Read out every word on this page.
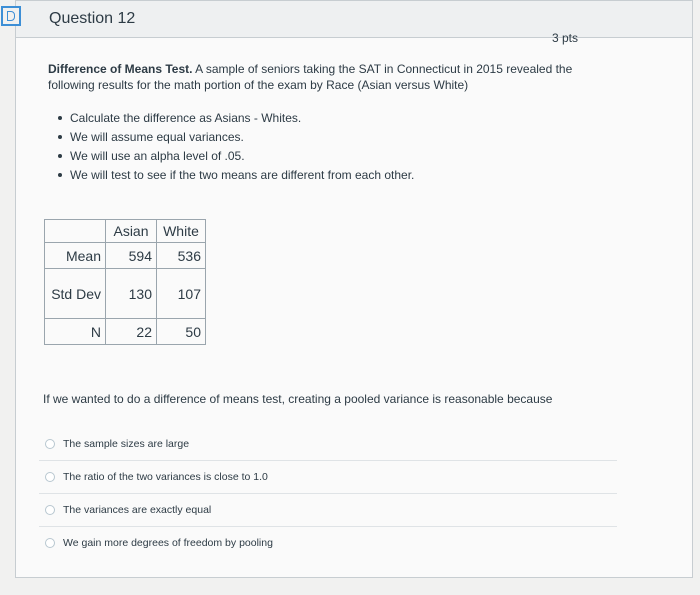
Question 12
3 pts
Difference of Means Test. A sample of seniors taking the SAT in Connecticut in 2015 revealed the following results for the math portion of the exam by Race (Asian versus White)
Calculate the difference as Asians - Whites.
We will assume equal variances.
We will use an alpha level of .05.
We will test to see if the two means are different from each other.
	Asian	White
Mean	594	536
Std Dev	130	107
N	22	50
If we wanted to do a difference of means test, creating a pooled variance is reasonable because
The sample sizes are large
The ratio of the two variances is close to 1.0
The variances are exactly equal
We gain more degrees of freedom by pooling
